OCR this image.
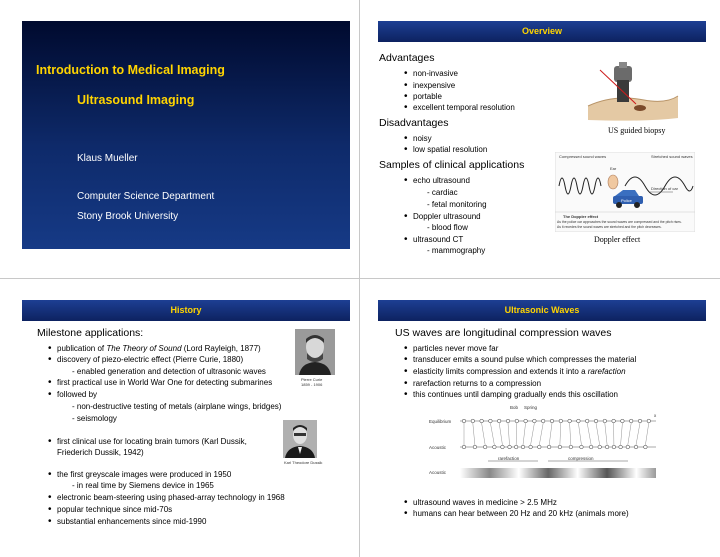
Introduction to Medical Imaging
Ultrasound Imaging
Klaus Mueller
Computer Science Department
Stony Brook University
Overview
Advantages
• non-invasive
• inexpensive
• portable
• excellent temporal resolution
Disadvantages
• noisy
• low spatial resolution
Samples of clinical applications
• echo ultrasound
- cardiac
- fetal monitoring
• Doppler ultrasound
- blood flow
• ultrasound CT
- mammography
US guided biopsy
Compressed sound waves	Stretched sound waves
Ear
Direction of car
Police
The Doppler effect
As the police car approaches the sound waves are compressed and the pitch rises.
As it recedes the sound waves are stretched and the pitch decreases.
Doppler effect
History
Milestone applications:
• publication of The Theory of Sound (Lord Rayleigh, 1877)
• discovery of piezo-electric effect (Pierre Curie, 1880)
- enabled generation and detection of ultrasonic waves
• first practical use in World War One for detecting submarines
• followed by
- non-destructive testing of metals (airplane wings, bridges)
- seismology
• first clinical use for locating brain tumors (Karl Dussik,
Friederich Dussik, 1942)
• the first greyscale images were produced in 1950
- in real time by Siemens device in 1965
• electronic beam-steering using phased-array technology in 1968
• popular technique since mid-70s
• substantial enhancements since mid-1990
Pierre Curie
1859 - 1906
Karl Theodore Dussik
Ultrasonic Waves
US waves are longitudinal compression waves
• particles never move far
• transducer emits a sound pulse which compresses the material
• elasticity limits compression and extends it into a rarefaction
• rarefaction returns to a compression
• this continues until damping gradually ends this oscillation
Bob Spring
Equilibrium
Acoustic
Acoustic
rarefaction	compression
x
• ultrasound waves in medicine > 2.5 MHz
• humans can hear between 20 Hz and 20 kHz (animals more)
